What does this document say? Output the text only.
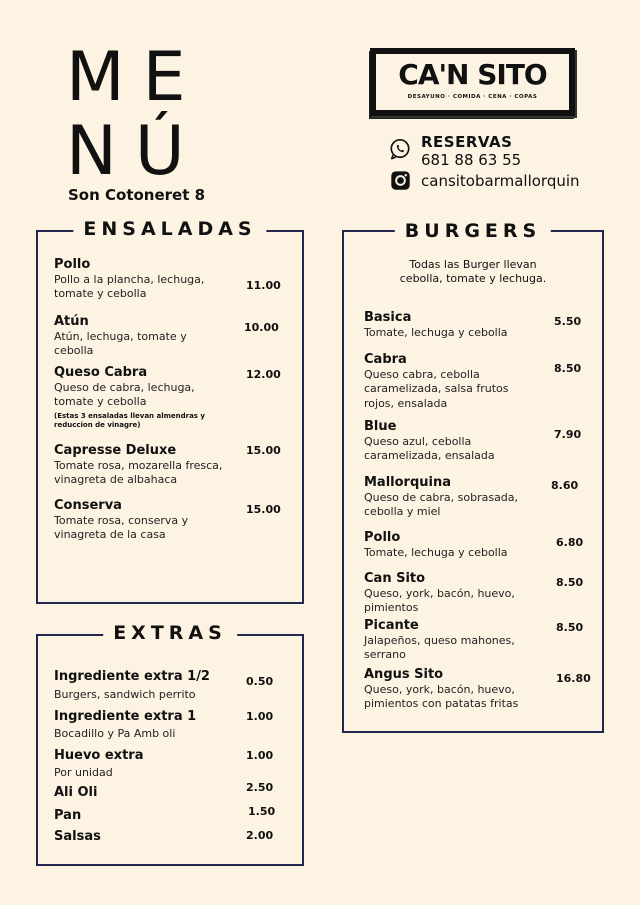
ME
NÚ
Son Cotoneret 8
CA'N SITO
DESAYUNO · COMIDA · CENA · COPAS
RESERVAS
681 88 63 55
cansitobarmallorquin
ENSALADAS
Pollo
Pollo a la plancha, lechuga, tomate y cebolla
11.00
Atún
Atún, lechuga, tomate y cebolla
10.00
Queso Cabra
Queso de cabra, lechuga, tomate y cebolla
(Estas 3 ensaladas llevan almendras y reduccion de vinagre)
12.00
Capresse Deluxe
Tomate rosa, mozarella fresca, vinagreta de albahaca
15.00
Conserva
Tomate rosa, conserva y vinagreta de la casa
15.00
EXTRAS
Ingrediente extra 1/2
Burgers, sandwich perrito
0.50
Ingrediente extra 1
Bocadillo y Pa Amb oli
1.00
Huevo extra
Por unidad
1.00
Ali Oli	2.50
Pan	1.50
Salsas	2.00
BURGERS
Todas las Burger llevan cebolla, tomate y lechuga.
Basica
Tomate, lechuga y cebolla
5.50
Cabra
Queso cabra, cebolla caramelizada, salsa frutos rojos, ensalada
8.50
Blue
Queso azul, cebolla caramelizada, ensalada
7.90
Mallorquina
Queso de cabra, sobrasada, cebolla y miel
8.60
Pollo
Tomate, lechuga y cebolla
6.80
Can Sito
Queso, york, bacón, huevo, pimientos
8.50
Picante
Jalapeños, queso mahones, serrano
8.50
Angus Sito
Queso, york, bacón, huevo, pimientos con patatas fritas
16.80
